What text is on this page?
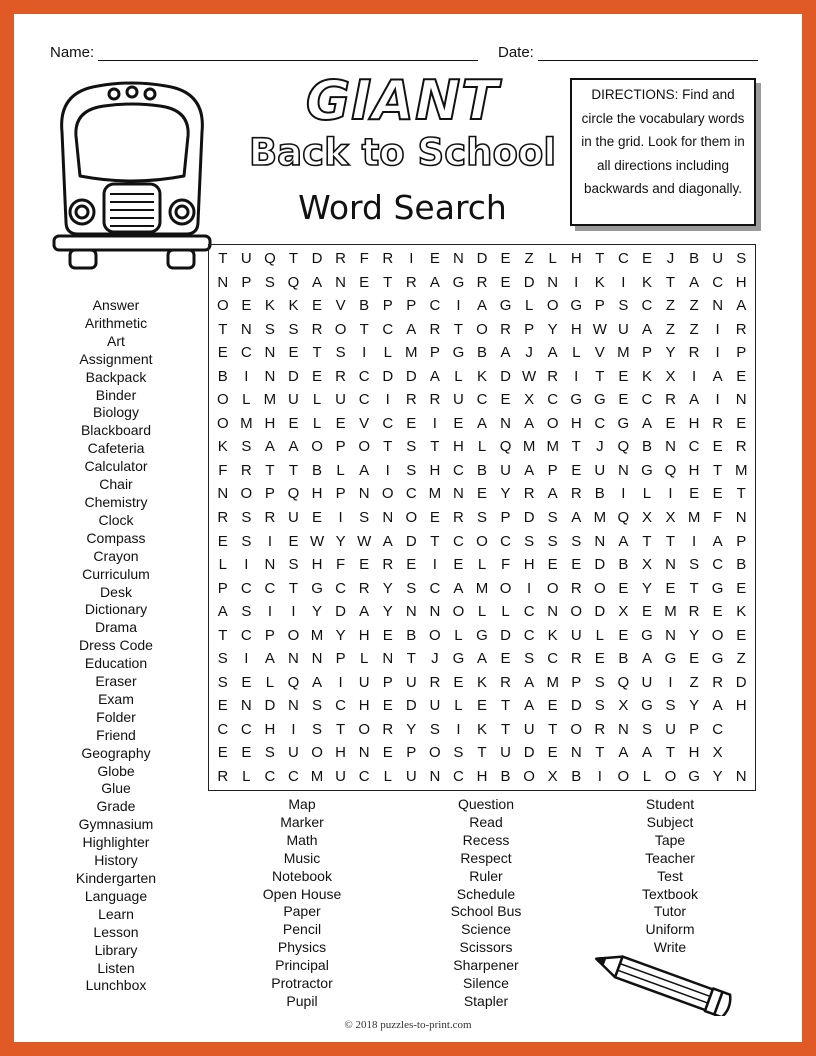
Name:	Date:
GIANT
Back to School
Word Search
DIRECTIONS: Find and circle the vocabulary words in the grid. Look for them in all directions including backwards and diagonally.
T U Q T D R F R	I	E N D E Z L H T C E J B U S
N P S Q A N E T R A G R E D N	I	K	I	K T A C H
O E K K E V B P P C	I	A G L O G P S C Z Z N A
T N S S R O T C A R T O R P Y H W U A Z Z	I	R
E C N E T S	I	L M P G B A J A L V M P Y R	I	P
B	I	N D E R C D D A L K D W R	I	T E K X	I	A E
O L M U L U C	I	R R U C E X C G G E C R A	I	N
O M H E L E V C E	I	E A N A O H C G A E H R E
K S A A O P O T S T H L Q M M T	J Q B N C E R
F R T T B L A	I	S H C B U A P E U N G Q H T M
N O P Q H P N O C M N E Y R A R B	I	L	I	E E T
R S R U E	I	S N O E R S P D S A M Q X X M F N
E S	I	E W Y W A D T C O C S S S N A T T	I	A P
L	I	N S H F E R E	I	E L F H E E D B X N S C B
P C C T G C R Y S C A M O	I	O R O E Y E T G E
A S	I	I	Y D A Y N N O L	L C N O D X E M R E K
T C P O M Y H E B O L G D C K U L E G N Y O E
S	I	A N N P L N T	J G A E S C R E B A G E G Z
S E L Q A	I	U P U R E K R A M P S Q U	I	Z R D
E N D N S C H E D U L E T A E D S X G S Y A H
C C H	I	S T O R Y S	I	K T U T O R N S U P C
E E S U O H N E P O S T U D E N T A A T H X
R L C C M U C L U N C H B O X B	I	O L O G Y N
Answer
Arithmetic
Art
Assignment
Backpack
Binder
Biology
Blackboard
Cafeteria
Calculator
Chair
Chemistry
Clock
Compass
Crayon
Curriculum
Desk
Dictionary
Drama
Dress Code
Education
Eraser
Exam
Folder
Friend
Geography
Globe
Glue
Grade
Gymnasium
Highlighter
History
Kindergarten
Language
Learn
Lesson
Library
Listen
Lunchbox
Map
Marker
Math
Music
Notebook
Open House
Paper
Pencil
Physics
Principal
Protractor
Pupil
Question
Read
Recess
Respect
Ruler
Schedule
School Bus
Science
Scissors
Sharpener
Silence
Stapler
Student
Subject
Tape
Teacher
Test
Textbook
Tutor
Uniform
Write
© 2018 puzzles-to-print.com
